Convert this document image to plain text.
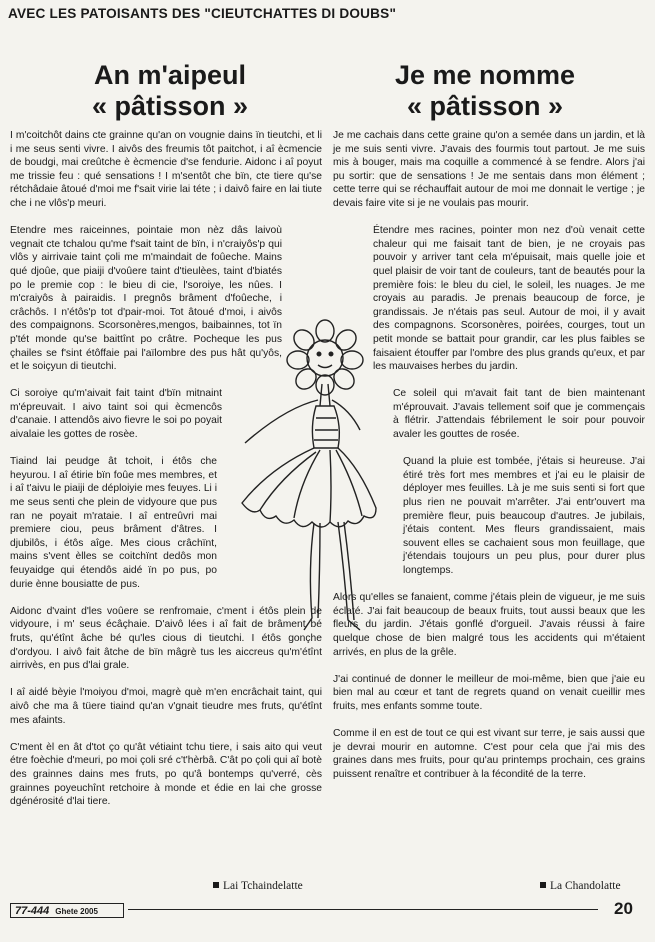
AVEC LES PATOISANTS DES "CIEUTCHATTES DI DOUBS"
An m'aipeul
« pâtisson »
Je me nomme
« pâtisson »

I m'coitchôt dains cte grainne qu'an on vougnie dains ïn tieutchi, et li i me seus senti vivre. I aivôs des freumis tôt paitchot, i aî ècmencie de boudgi, mai creûtche è ècmencie d'se fendurie. Aidonc i aî poyut me trissie feu : qué sensations ! I m'sentôt che bïn, cte tiere qu'se rétchâdaie âtoué d'moi me f'sait virie lai téte ; i daivô faire en lai tiute che i ne vlôs'p meuri.

Etendre mes raiceinnes, pointaie mon nèz dâs laivoù vegnait cte tchalou qu'me f'sait taint de bïn, i n'craiyôs'p qui vlôs y airrivaie taint çoli me m'maindait de foûeche. Mains qué djoûe, que piaiji d'voûere taint d'tieulèes, taint d'biatés po le premie cop : le bieu di cie, l'soroiye, les nûes. I m'craiyôs à pairaidis. I pregnôs brâment d'foûeche, i crâchôs. I n'étôs'p tot d'pair-moi. Tot âtoué d'moi, i aivôs des compaignons. Scorsonères,mengos, baibainnes, tot ïn p'tét monde qu'se baittînt po crâtre. Pocheque les pus çhailes se f'sint étôffaie pai l'aïlombre des pus hât qu'yôs, et le soiçyun di tieutchi.

Ci soroiye qu'm'aivait fait taint d'bïn mitnaint m'épreuvait. I aivo taint soi qui ècmencôs d'canaie. I attendôs aivo fievre le soi po poyait aivalaie les gottes de rosèe.

Tiaind lai peudge ât tchoit, i étôs che heyurou. I aî étirie bïn foûe mes membres, et i aî t'aivu le piaiji de déploiyie mes feuyes. Li i me seus senti che plein de vidyoure que pus ran ne poyait m'rataie. I aî entreûvri mai premiere ciou, peus brâment d'âtres. I djubilôs, i étôs aîge. Mes cious crâchïnt, mains s'vent èlles se coitchïnt dedôs mon feuyaidge qui étendôs aidé ïn po pus, po durie ènne bousiatte de pus.

Aidonc d'vaint d'les voûere se renfromaie, c'ment i étôs plein de vidyoure, i m' seus écâçhaie. D'aivô lées i aî fait de brâment bé fruts, qu'étînt âche bé qu'les cious di tieutchi. I étôs gonçhe d'ordyou. I aivô fait âtche de bïn mâgrè tus les aiccreus qu'm'étînt airrivès, en pus d'lai grale.

I aî aidé bèyie l'moiyou d'moi, magrè què m'en encrâchait taint, qui aivô che ma â tüere tiaind qu'an v'gnait tieudre mes fruts, qu'étînt mes afaints.

C'ment èl en ât d'tot ço qu'ât vétiaint tchu tiere, i sais aito qui veut étre foèchie d'meuri, po moi çoli sré c't'hèrbâ. C'ât po çoli qui aî botè des grainnes dains mes fruts, po qu'â bontemps qu'verré, cès grainnes poyeuchînt retchoire à monde et édie en lai che grosse dgénérosité d'lai tiere.

Je me cachais dans cette graine qu'on a semée dans un jardin, et là je me suis senti vivre. J'avais des fourmis tout partout. Je me suis mis à bouger, mais ma coquille a commencé à se fendre. Alors j'ai pu sortir: que de sensations ! Je me sentais dans mon élément ; cette terre qui se réchauffait autour de moi me donnait le vertige ; je devais faire vite si je ne voulais pas mourir.

Étendre mes racines, pointer mon nez d'où venait cette chaleur qui me faisait tant de bien, je ne croyais pas pouvoir y arriver tant cela m'épuisait, mais quelle joie et quel plaisir de voir tant de couleurs, tant de beautés pour la première fois: le bleu du ciel, le soleil, les nuages. Je me croyais au paradis. Je prenais beaucoup de force, je grandissais. Je n'étais pas seul. Autour de moi, il y avait des compagnons. Scorsonères, poirées, courges, tout un petit monde se battait pour grandir, car les plus faibles se faisaient étouffer par l'ombre des plus grands qu'eux, et par les mauvaises herbes du jardin.

Ce soleil qui m'avait fait tant de bien maintenant m'éprouvait. J'avais tellement soif que je commençais à flétrir. J'attendais fébrilement le soir pour pouvoir avaler les gouttes de rosée.

Quand la pluie est tombée, j'étais si heureuse. J'ai étiré très fort mes membres et j'ai eu le plaisir de déployer mes feuilles. Là je me suis senti si fort que plus rien ne pouvait m'arrêter. J'ai entr'ouvert ma première fleur, puis beaucoup d'autres. Je jubilais, j'étais content. Mes fleurs grandissaient, mais souvent elles se cachaient sous mon feuillage, que j'étendais toujours un peu plus, pour durer plus longtemps.

Alors qu'elles se fanaient, comme j'étais plein de vigueur, je me suis éclaté. J'ai fait beaucoup de beaux fruits, tout aussi beaux que les fleurs du jardin. J'étais gonflé d'orgueil. J'avais réussi à faire quelque chose de bien malgré tous les accidents qui m'étaient arrivés, en plus de la grêle.

J'ai continué de donner le meilleur de moi-même, bien que j'aie eu bien mal au cœur et tant de regrets quand on venait cueillir mes fruits, mes enfants somme toute.

Comme il en est de tout ce qui est vivant sur terre, je sais aussi que je devrai mourir en automne. C'est pour cela que j'ai mis des graines dans mes fruits, pour qu'au printemps prochain, ces grains puissent renaître et contribuer à la fécondité de la terre.

Lai Tchaindelatte	La Chandolatte
77-444 Ghete 2005	20
